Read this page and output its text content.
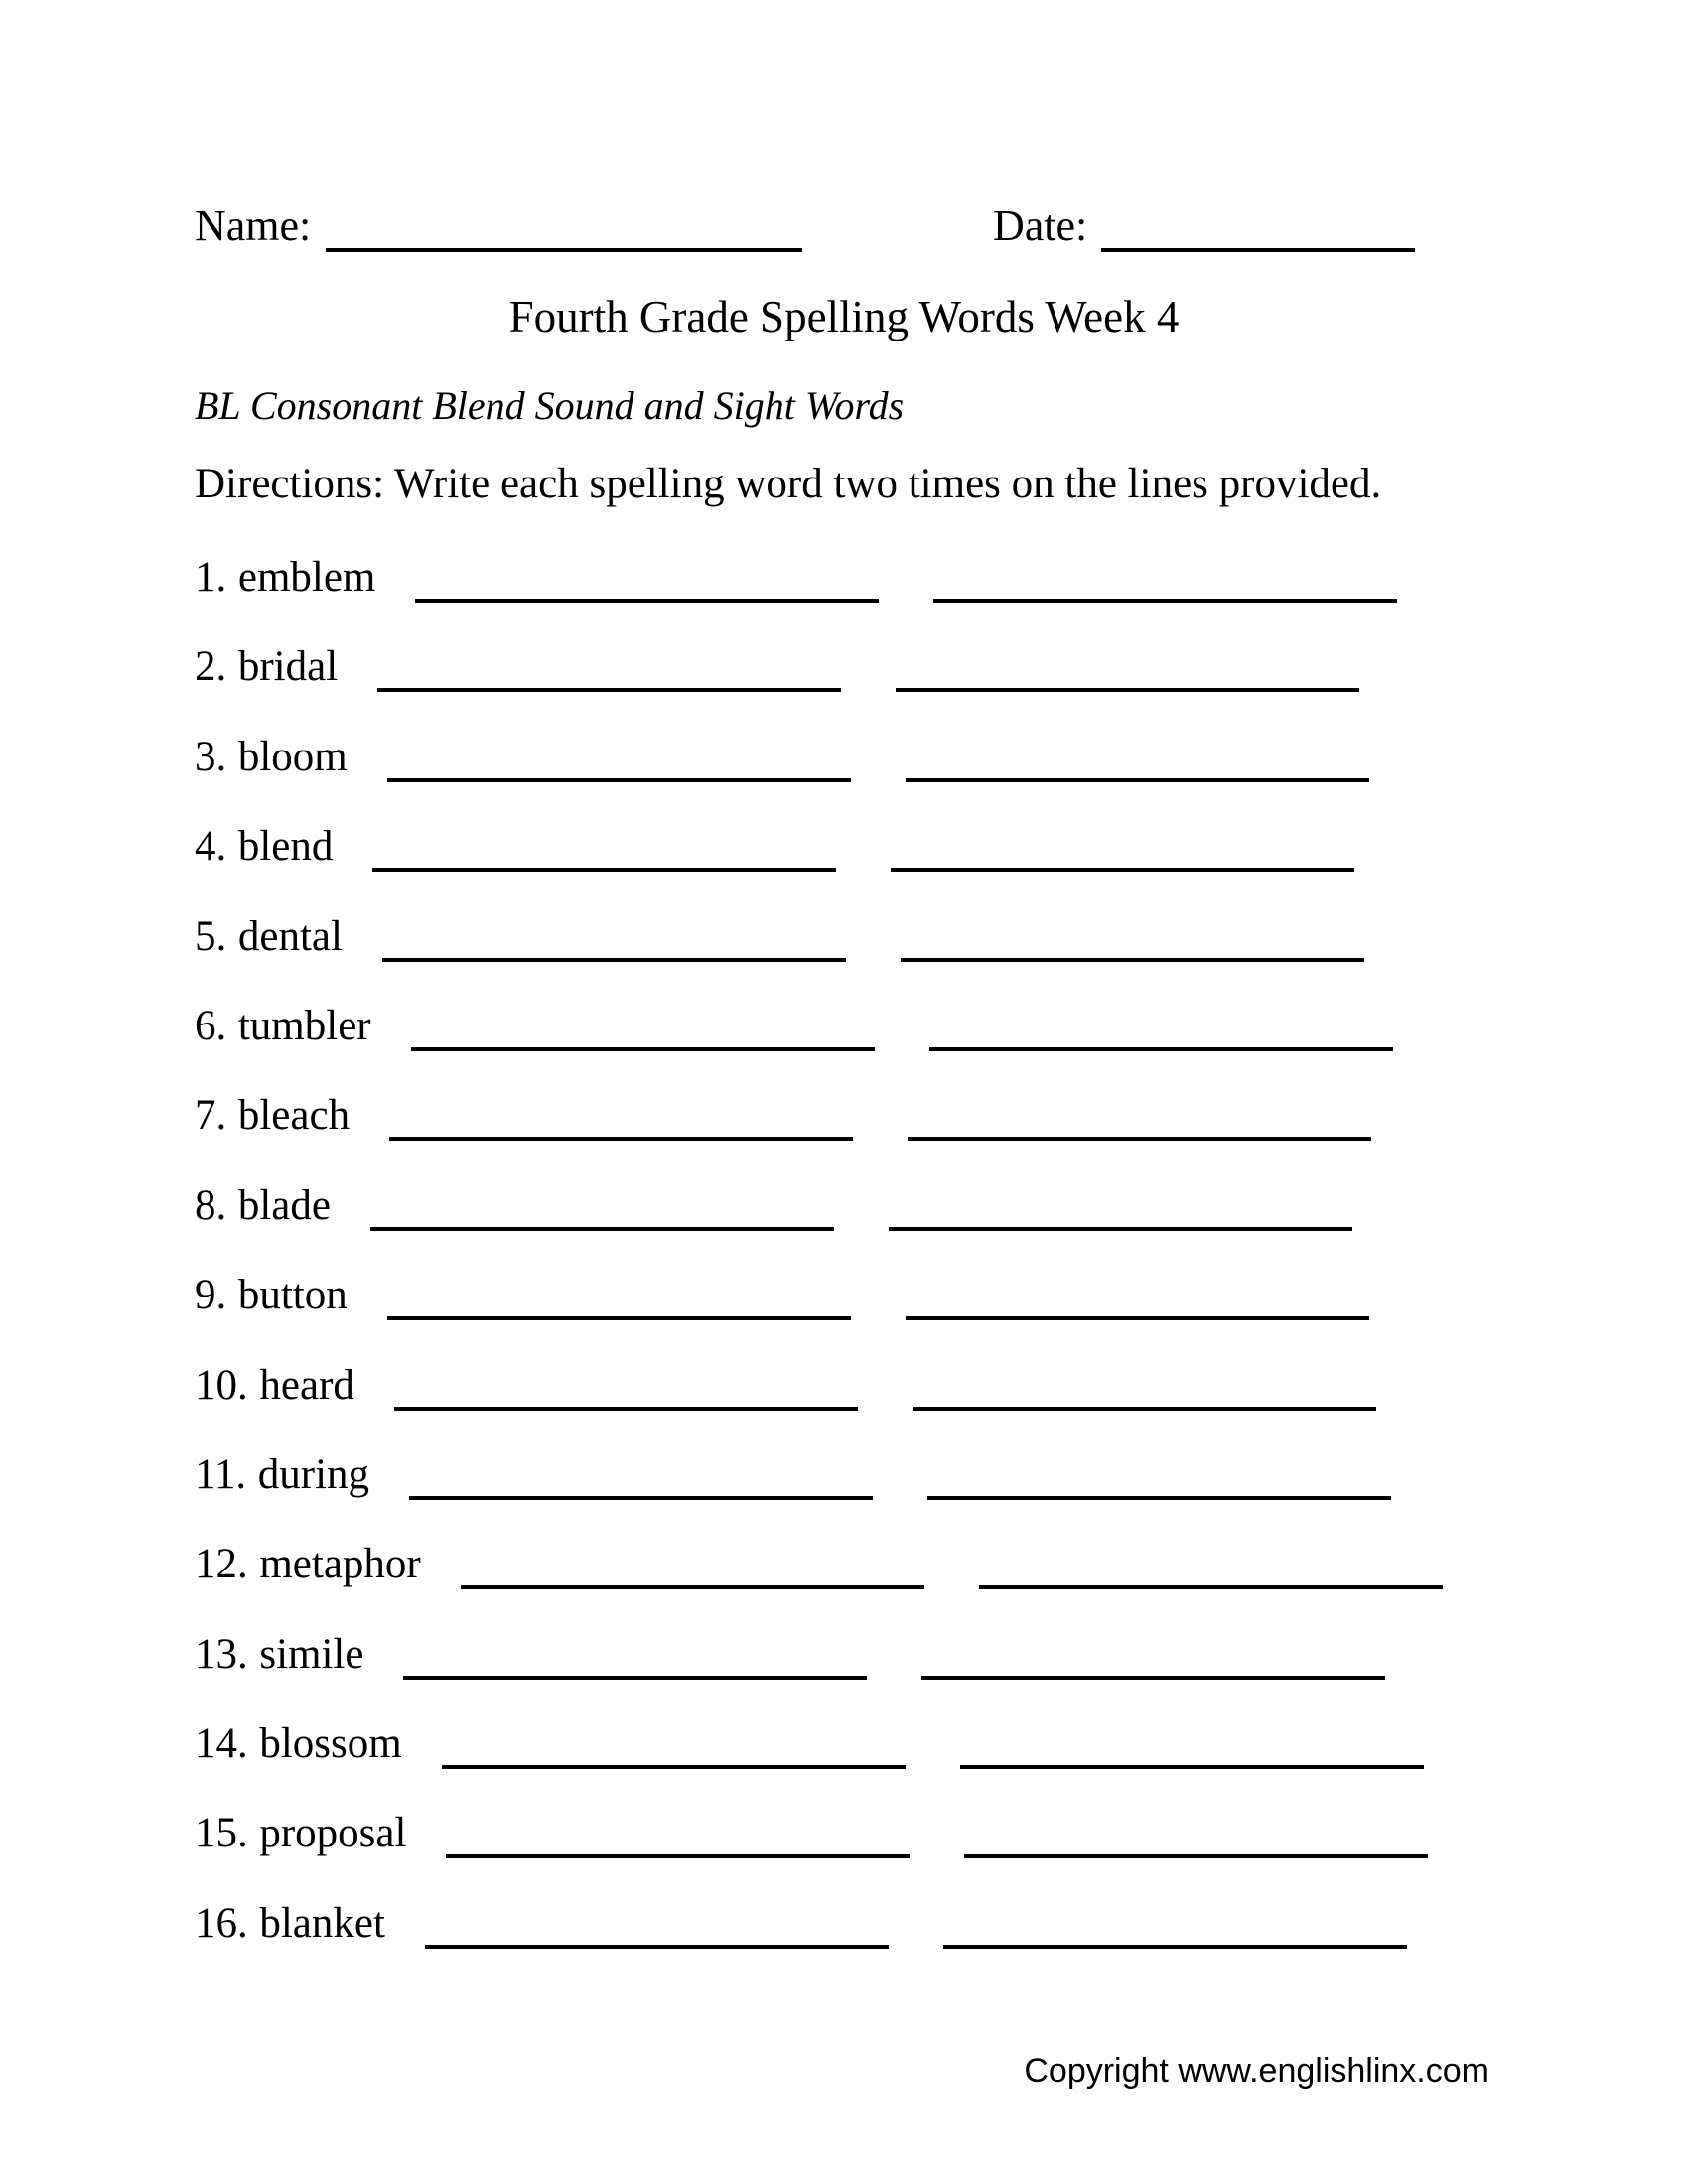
Name:	Date:
Fourth Grade Spelling Words Week 4
BL Consonant Blend Sound and Sight Words
Directions: Write each spelling word two times on the lines provided.
1. emblem
2. bridal
3. bloom
4. blend
5. dental
6. tumbler
7. bleach
8. blade
9. button
10. heard
11. during
12. metaphor
13. simile
14. blossom
15. proposal
16. blanket
Copyright www.englishlinx.com
